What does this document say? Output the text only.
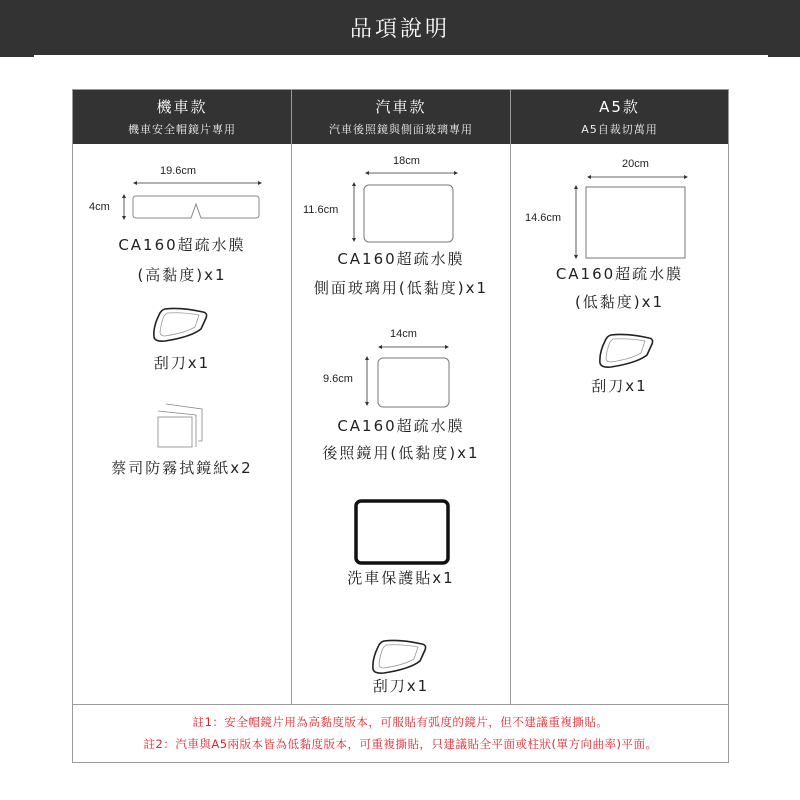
品項說明
機車款
機車安全帽鏡片專用
汽車款
汽車後照鏡與側面玻璃專用
A5款
A5自裁切萬用
19.6cm
4cm
CA160超疏水膜
(高黏度)x1
刮刀x1
蔡司防霧拭鏡紙x2
18cm
11.6cm
CA160超疏水膜
側面玻璃用(低黏度)x1
14cm
9.6cm
CA160超疏水膜
後照鏡用(低黏度)x1
洗車保護貼x1
刮刀x1
20cm
14.6cm
CA160超疏水膜
(低黏度)x1
刮刀x1
註1：安全帽鏡片用為高黏度版本，可服貼有弧度的鏡片，但不建議重複撕貼。
註2：汽車與A5兩版本皆為低黏度版本，可重複撕貼，只建議貼全平面或柱狀(單方向曲率)平面。
